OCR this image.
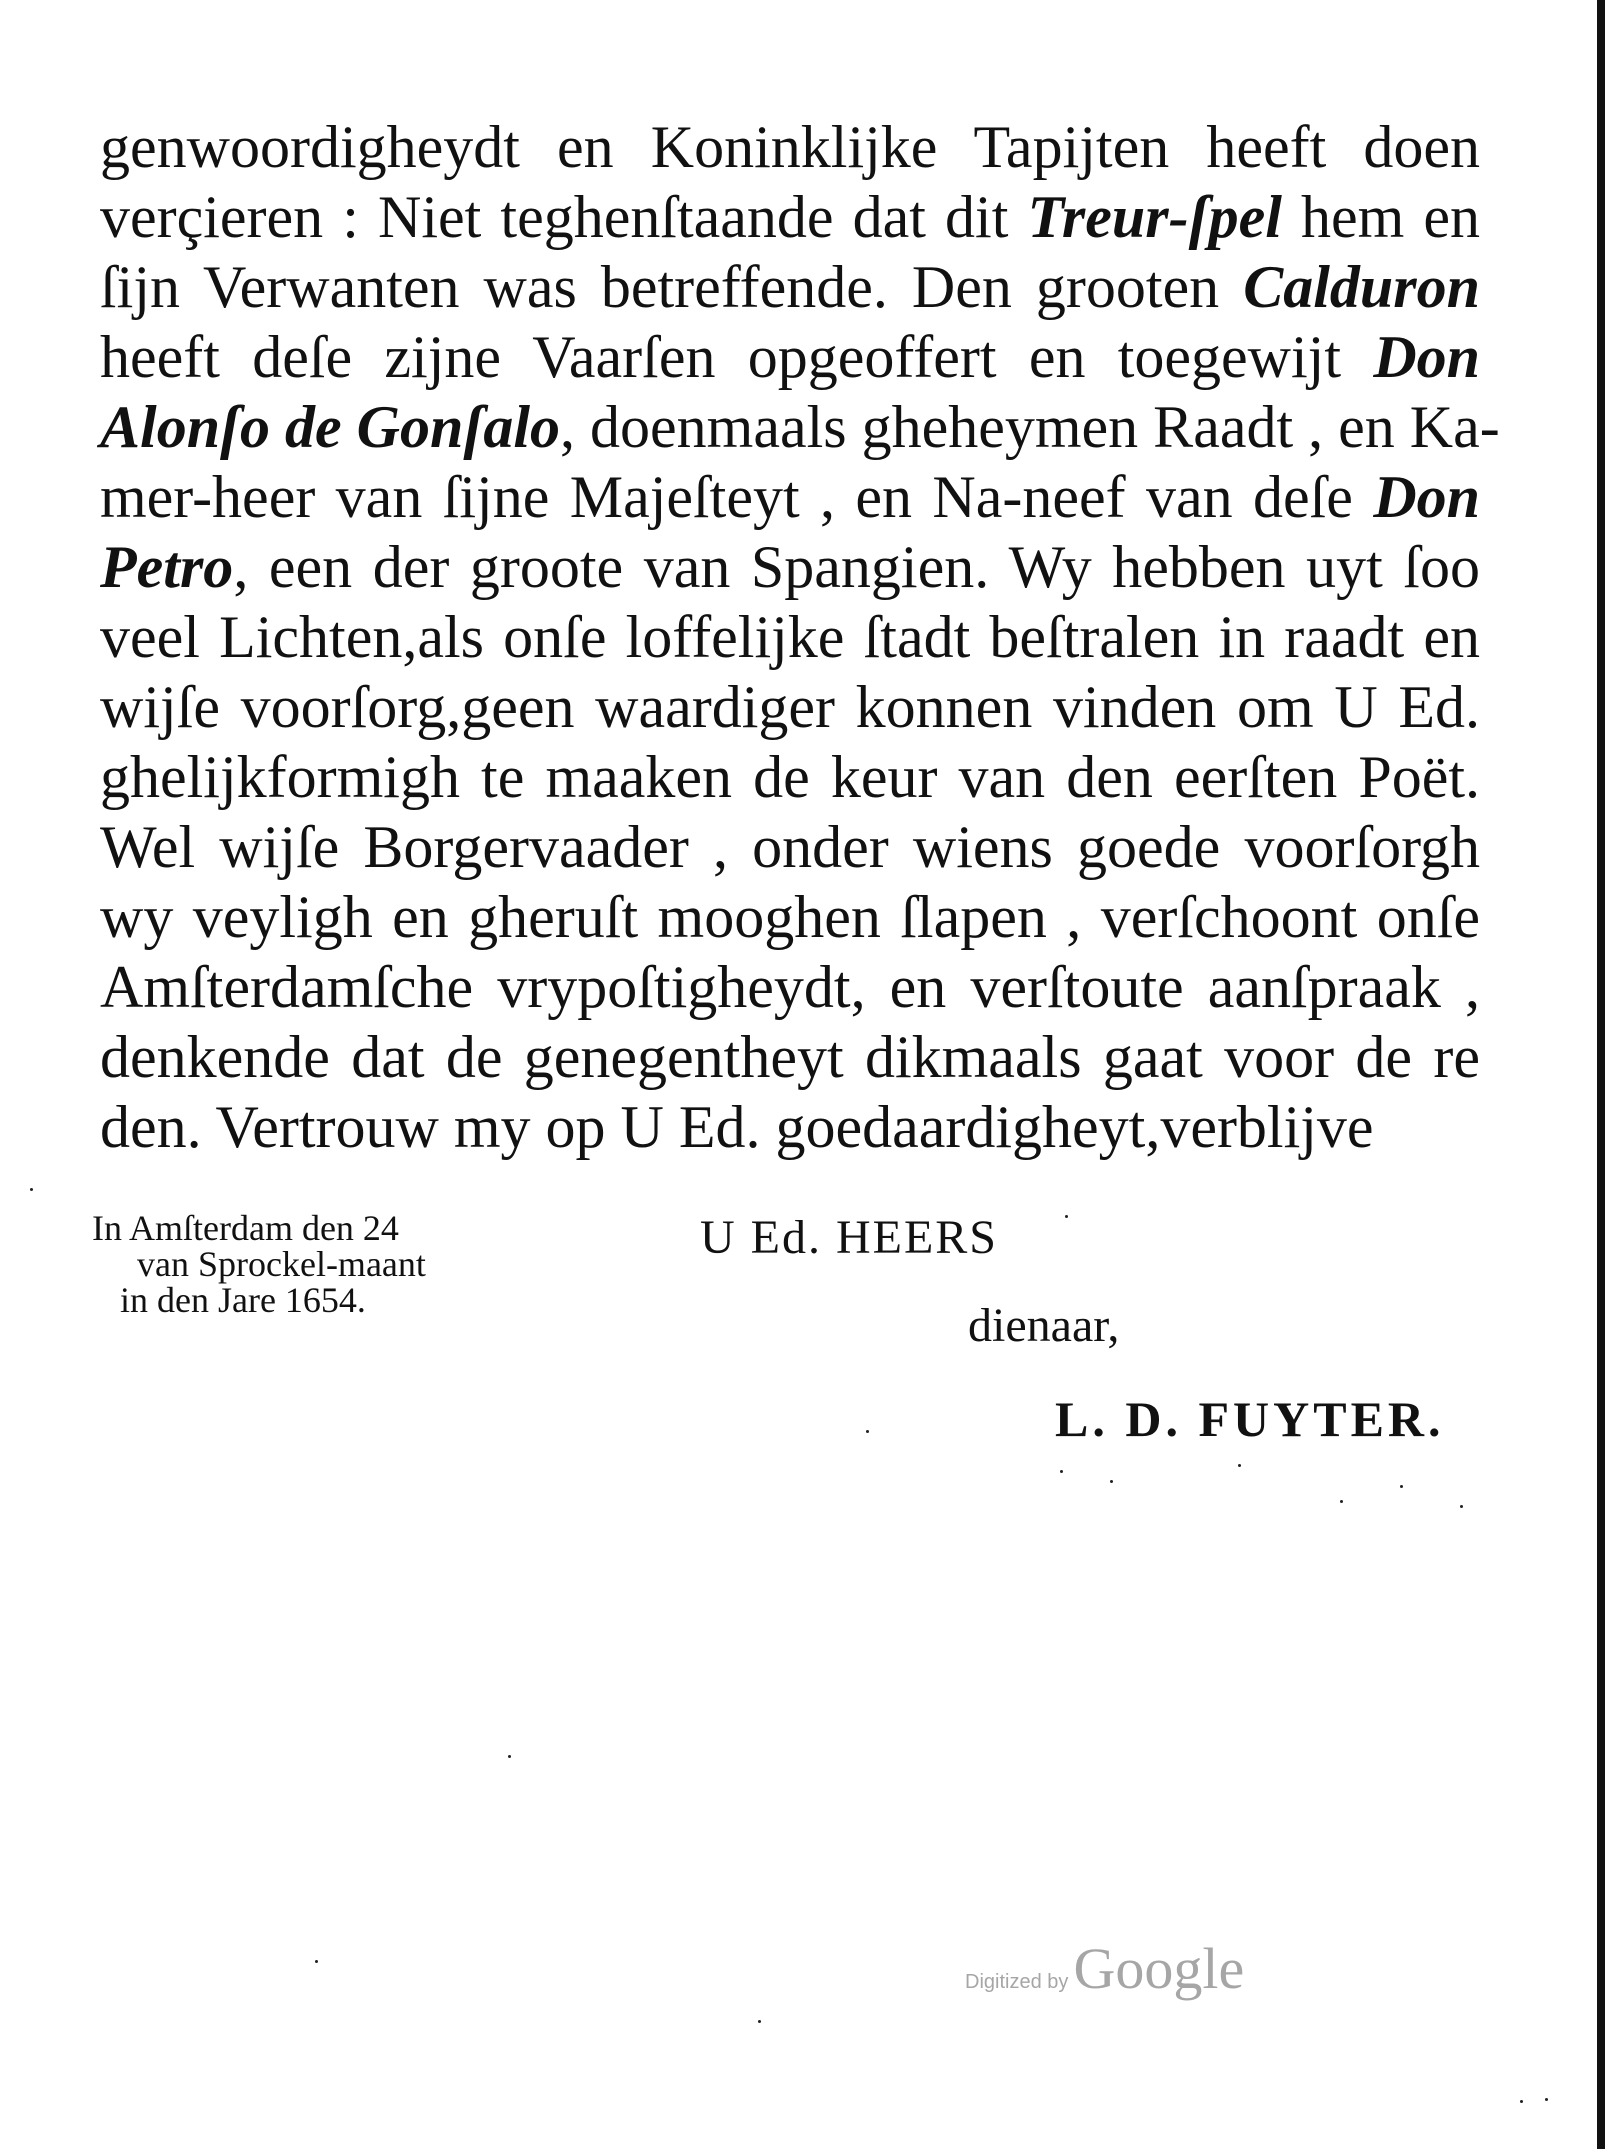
genwoordigheydt en Koninklijke Tapijten heeft doen
verçieren : Niet teghenſtaande dat dit Treur-ſpel hem en
ſijn Verwanten was betreffende. Den grooten Calduron
heeft deſe zijne Vaarſen opgeoffert en toegewijt Don
Alonſo de Gonſalo, doenmaals gheheymen Raadt , en Ka-
mer-heer van ſijne Majeſteyt , en Na-neef van deſe Don
Petro, een der groote van Spangien. Wy hebben uyt ſoo
veel Lichten,als onſe loffelijke ſtadt beſtralen in raadt en
wijſe voorſorg,geen waardiger konnen vinden om U Ed.
ghelijkformigh te maaken de keur van den eerſten Poët.
Wel wijſe Borgervaader , onder wiens goede voorſorgh
wy veyligh en gheruſt mooghen ſlapen , verſchoont onſe
Amſterdamſche vrypoſtigheydt, en verſtoute aanſpraak ,
denkende dat de genegentheyt dikmaals gaat voor de re
den. Vertrouw my op U Ed. goedaardigheyt,verblijve
In Amſterdam den 24
van Sprockel-maant
in den Jare 1654.
U Ed. HEERS
dienaar,
L. D. FUYTER.
Digitized by Google
